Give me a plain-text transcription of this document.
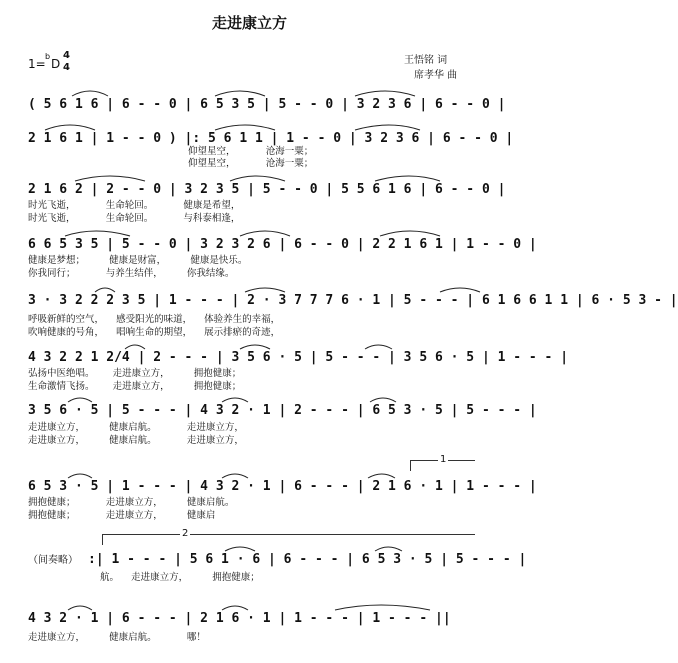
走进康立方
1=
b
D
4
4
王悟铭 词
席孝华 曲
( 5 6 1 6 | 6 - - 0 | 6 5 3 5 | 5 - - 0 | 3 2 3 6 | 6 - - 0 |
2 1 6 1 | 1 - - 0 ) |: 5 6 1 1 | 1 - - 0 | 3 2 3 6 | 6 - - 0 |
仰望星空，          沧海一粟；
仰望星空，          沧海一粟；
2 1 6 2 | 2 - - 0 | 3 2 3 5 | 5 - - 0 | 5 5 6 1 6 | 6 - - 0 |
时光飞逝，          生命轮回。          健康是希望，
时光飞逝，          生命轮回。          与科泰相逢，
6 6 5 3 5 | 5 - - 0 | 3 2 3 2 6 | 6 - - 0 | 2 2 1 6 1 | 1 - - 0 |
健康是梦想；        健康是财富，        健康是快乐。
你我同行；          与养生结伴，        你我结缘。
3 · 3 2 2 2 3 5 | 1 - - - | 2 · 3 7 7 7 6 · 1 | 5 - - - | 6 1 6 6 1 1 | 6 · 5 3 - |
呼吸新鲜的空气，    感受阳光的味道，    体验养生的幸福，
吹响健康的号角，    唱响生命的期望，    展示排瘀的奇迹，
4 3 2 2 1 2/4 | 2 - - - | 3 5 6 · 5 | 5 - - - | 3 5 6 · 5 | 1 - - - |
弘扬中医绝唱。      走进康立方，        拥抱健康；
生命激情飞扬。      走进康立方，        拥抱健康；
3 5 6 · 5 | 5 - - - | 4 3 2 · 1 | 2 - - - | 6 5 3 · 5 | 5 - - - |
走进康立方，        健康启航。          走进康立方，
走进康立方，        健康启航。          走进康立方，
1
6 5 3 · 5 | 1 - - - | 4 3 2 · 1 | 6 - - - | 2 1 6 · 1 | 1 - - - |
拥抱健康；          走进康立方，        健康启航。
拥抱健康；          走进康立方，        健康启
2
（间奏略） :| 1 - - - | 5 6 1 · 6 | 6 - - - | 6 5 3 · 5 | 5 - - - |
航。    走进康立方，        拥抱健康；
4 3 2 · 1 | 6 - - - | 2 1 6 · 1 | 1 - - - | 1 - - - ||
走进康立方，        健康启航。          哪！
